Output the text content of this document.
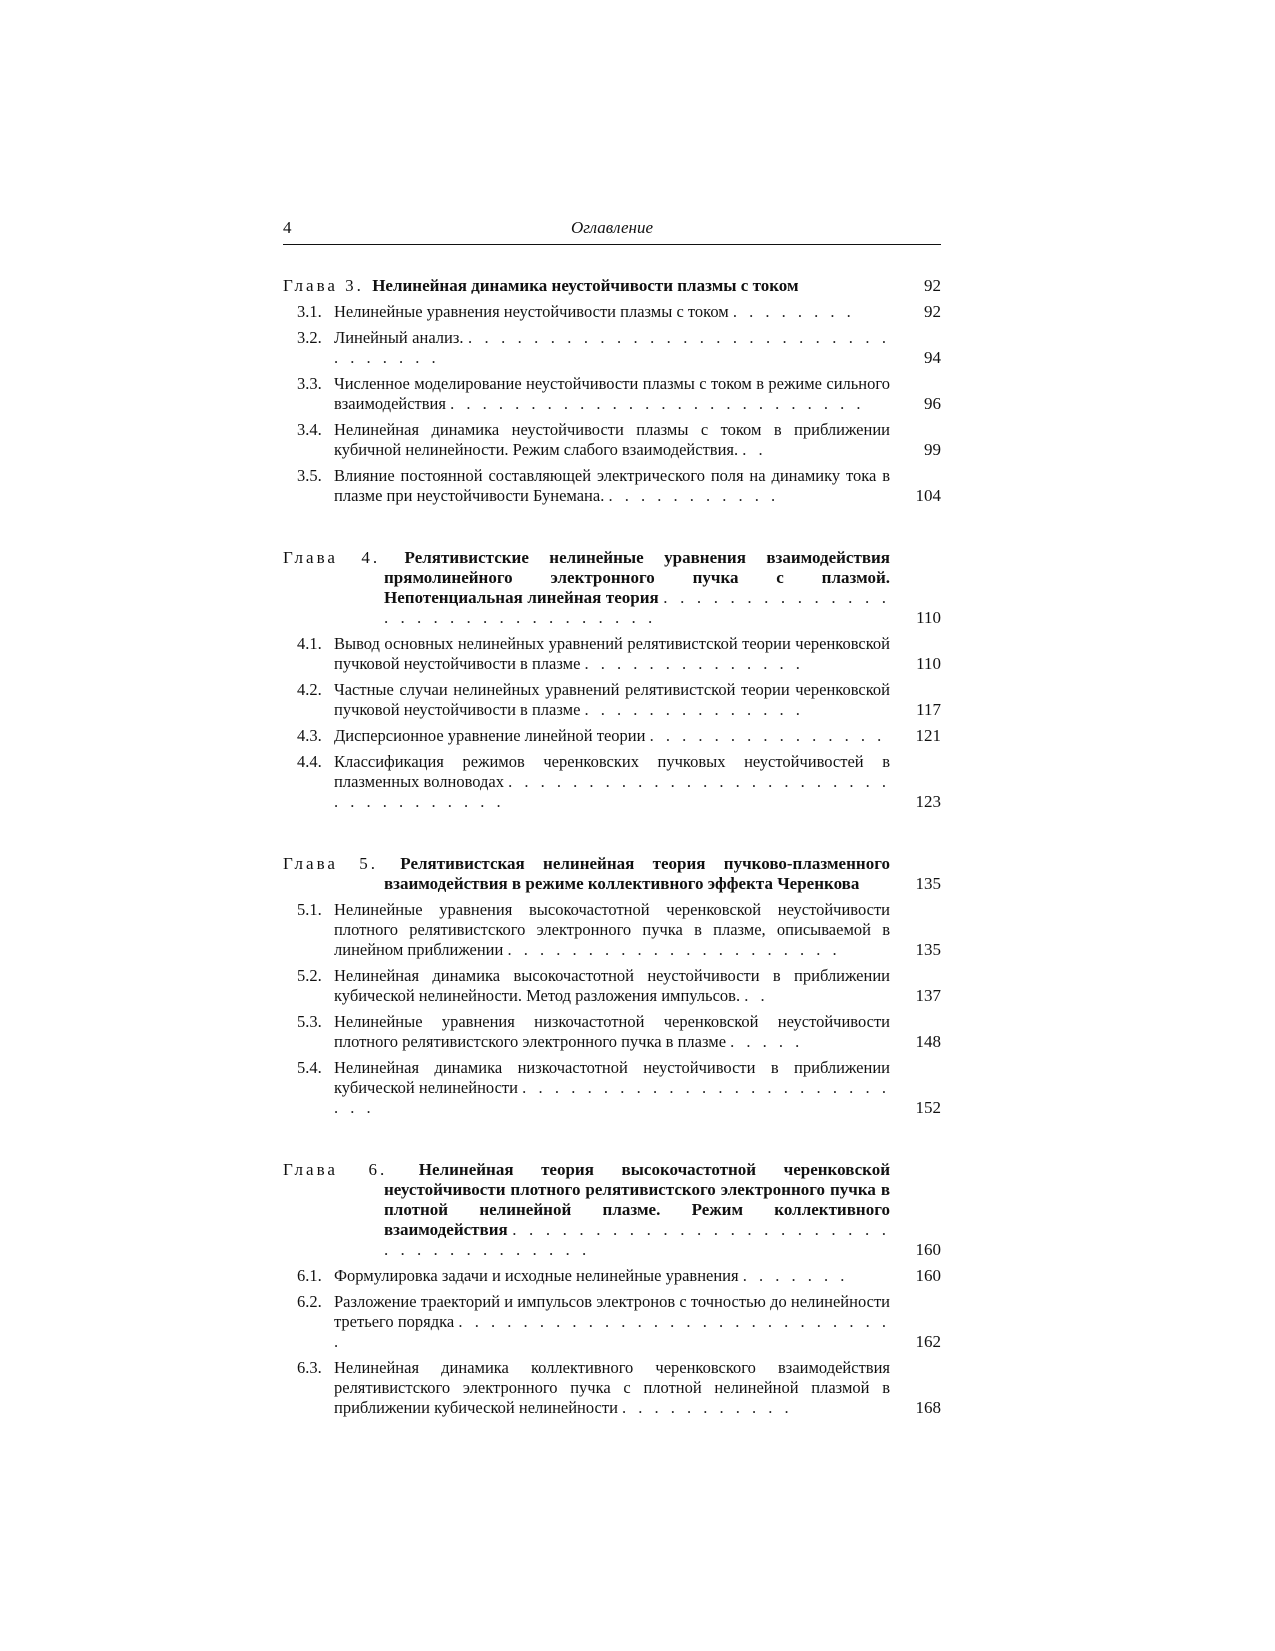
4	Оглавление
Глава 3. Нелинейная динамика неустойчивости плазмы с током	92
3.1. Нелинейные уравнения неустойчивости плазмы с током . . . . . . . .	92
3.2. Линейный анализ. . . . . . . . . . . . . . . . . . . . . . . . . . . . . . . . . .	94
3.3. Численное моделирование неустойчивости плазмы с током в режиме сильного взаимодействия . . . . . . . . . . . . . . . . . . . . . . . . . .	96
3.4. Нелинейная динамика неустойчивости плазмы с током в приближении кубичной нелинейности. Режим слабого взаимодействия. . .	99
3.5. Влияние постоянной составляющей электрического поля на динамику тока в плазме при неустойчивости Бунемана. . . . . . . . . . . .	104
Глава 4. Релятивистские нелинейные уравнения взаимодействия прямолинейного электронного пучка с плазмой. Непотенциальная линейная теория . . . . . . . . . . . . . . . . . . . . . . . . . . . . . . .	110
4.1. Вывод основных нелинейных уравнений релятивистской теории черенковской пучковой неустойчивости в плазме . . . . . . . . . . . . . .	110
4.2. Частные случаи нелинейных уравнений релятивистской теории черенковской пучковой неустойчивости в плазме . . . . . . . . . . . . . .	117
4.3. Дисперсионное уравнение линейной теории . . . . . . . . . . . . . . . 121
4.4. Классификация режимов черенковских пучковых неустойчивостей в плазменных волноводах . . . . . . . . . . . . . . . . . . . . . . . . . . . . . . . . . . .	123
Глава 5. Релятивистская нелинейная теория пучково-плазменного взаимодействия в режиме коллективного эффекта Черенкова	135
5.1. Нелинейные уравнения высокочастотной черенковской неустойчивости плотного релятивистского электронного пучка в плазме, описываемой в линейном приближении . . . . . . . . . . . . . . . . . . . . .	135
5.2. Нелинейная динамика высокочастотной неустойчивости в приближении кубической нелинейности. Метод разложения импульсов. . .	137
5.3. Нелинейные уравнения низкочастотной черенковской неустойчивости плотного релятивистского электронного пучка в плазме . . . . .	148
5.4. Нелинейная динамика низкочастотной неустойчивости в приближении кубической нелинейности . . . . . . . . . . . . . . . . . . . . . . . . . .	152
Глава 6. Нелинейная теория высокочастотной черенковской неустойчивости плотного релятивистского электронного пучка в плотной нелинейной плазме. Режим коллективного взаимодействия . . . . . . . . . . . . . . . . . . . . . . . . . . . . . . . . . . . .	160
6.1. Формулировка задачи и исходные нелинейные уравнения . . . . . . .	160
6.2. Разложение траекторий и импульсов электронов с точностью до нелинейности третьего порядка . . . . . . . . . . . . . . . . . . . . . . . . . . . .	162
6.3. Нелинейная динамика коллективного черенковского взаимодействия релятивистского электронного пучка с плотной нелинейной плазмой в приближении кубической нелинейности . . . . . . . . . . .	168
